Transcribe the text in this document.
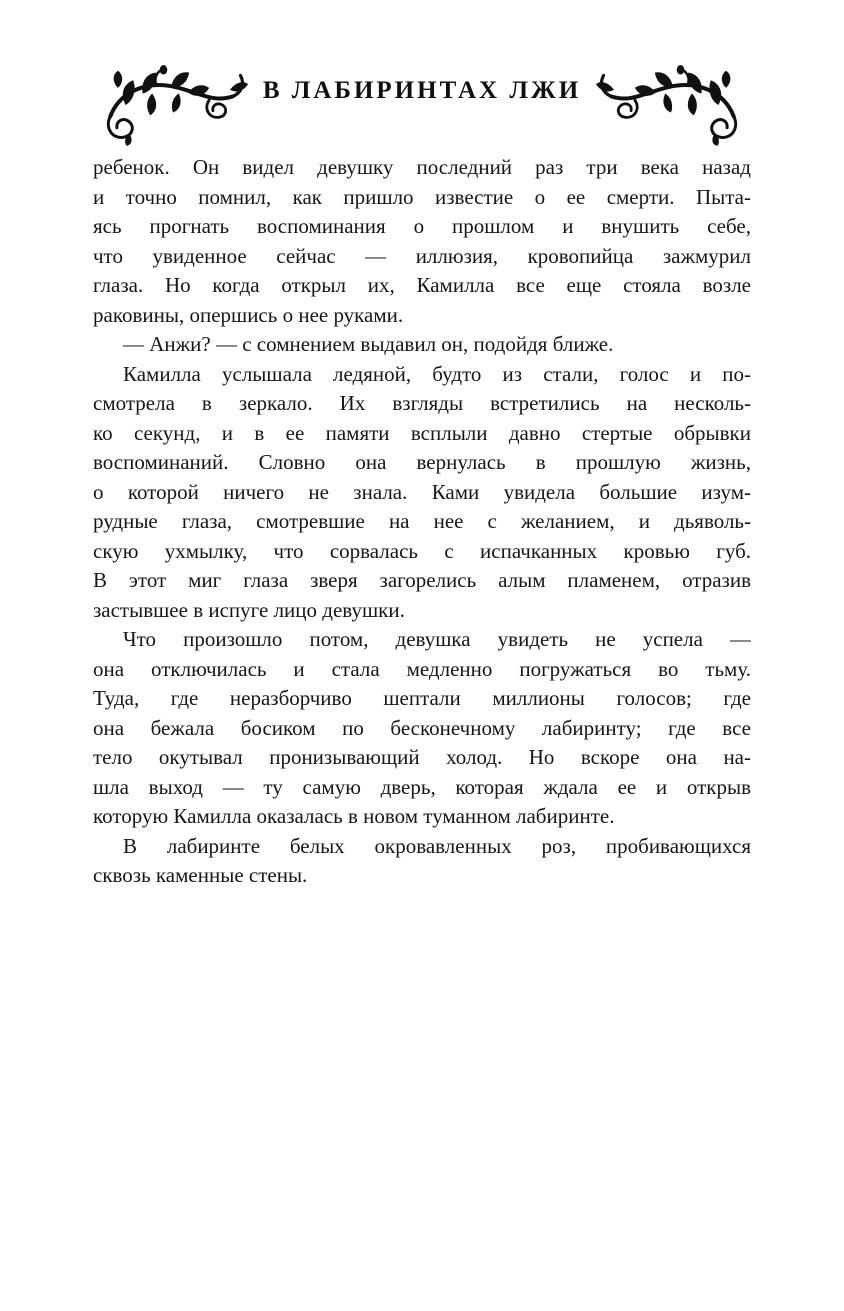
В ЛАБИРИНТАХ ЛЖИ
ребенок. Он видел девушку последний раз три века назад
и точно помнил, как пришло известие о ее смерти. Пыта-
ясь прогнать воспоминания о прошлом и внушить себе,
что увиденное сейчас — иллюзия, кровопийца зажмурил
глаза. Но когда открыл их, Камилла все еще стояла возле
раковины, опершись о нее руками.
— Анжи? — с сомнением выдавил он, подойдя ближе.
Камилла услышала ледяной, будто из стали, голос и по-
смотрела в зеркало. Их взгляды встретились на несколь-
ко секунд, и в ее памяти всплыли давно стертые обрывки
воспоминаний. Словно она вернулась в прошлую жизнь,
о которой ничего не знала. Ками увидела большие изум-
рудные глаза, смотревшие на нее с желанием, и дьяволь-
скую ухмылку, что сорвалась с испачканных кровью губ.
В этот миг глаза зверя загорелись алым пламенем, отразив
застывшее в испуге лицо девушки.
Что произошло потом, девушка увидеть не успела —
она отключилась и стала медленно погружаться во тьму.
Туда, где неразборчиво шептали миллионы голосов; где
она бежала босиком по бесконечному лабиринту; где все
тело окутывал пронизывающий холод. Но вскоре она на-
шла выход — ту самую дверь, которая ждала ее и открыв
которую Камилла оказалась в новом туманном лабиринте.
В лабиринте белых окровавленных роз, пробивающихся
сквозь каменные стены.
